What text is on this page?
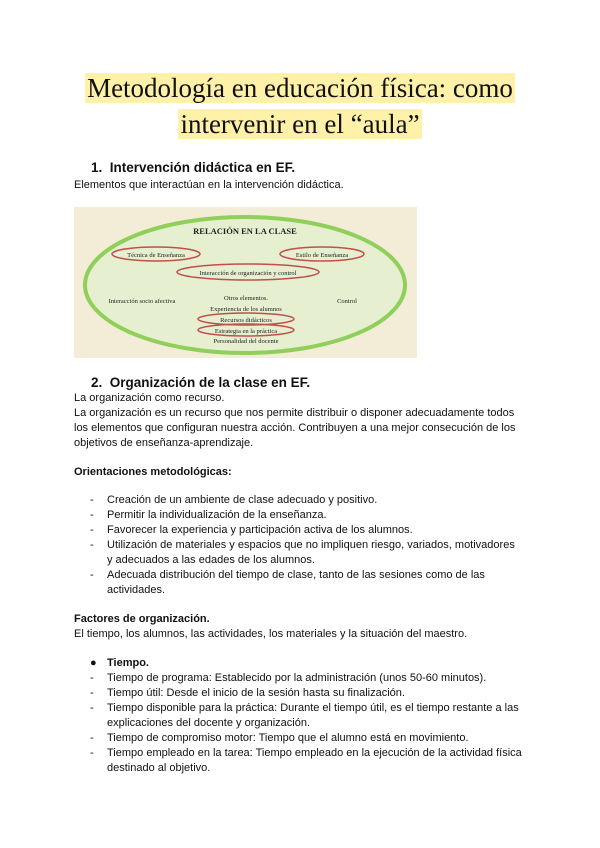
Metodología en educación física: como
intervenir en el “aula”
1. Intervención didáctica en EF.
Elementos que interactúan en la intervención didáctica.
RELACIÓN EN LA CLASE
Técnica de Enseñanza	Estilo de Enseñanza
Interacción de organización y control
Interacción socio afectiva	Control
Otros elementos.
Experiencia de los alumnos
Recursos didácticos
Estrategia en la práctica
Personalidad del docente
2. Organización de la clase en EF.
La organización como recurso.
La organización es un recurso que nos permite distribuir o disponer adecuadamente todos
los elementos que configuran nuestra acción. Contribuyen a una mejor consecución de los
objetivos de enseñanza-aprendizaje.
Orientaciones metodológicas:
- Creación de un ambiente de clase adecuado y positivo.
- Permitir la individualización de la enseñanza.
- Favorecer la experiencia y participación activa de los alumnos.
- Utilización de materiales y espacios que no impliquen riesgo, variados, motivadores
y adecuados a las edades de los alumnos.
- Adecuada distribución del tiempo de clase, tanto de las sesiones como de las
actividades.
Factores de organización.
El tiempo, los alumnos, las actividades, los materiales y la situación del maestro.
● Tiempo.
- Tiempo de programa: Establecido por la administración (unos 50-60 minutos).
- Tiempo útil: Desde el inicio de la sesión hasta su finalización.
- Tiempo disponible para la práctica: Durante el tiempo útil, es el tiempo restante a las
explicaciones del docente y organización.
- Tiempo de compromiso motor: Tiempo que el alumno está en movimiento.
- Tiempo empleado en la tarea: Tiempo empleado en la ejecución de la actividad física
destinado al objetivo.
